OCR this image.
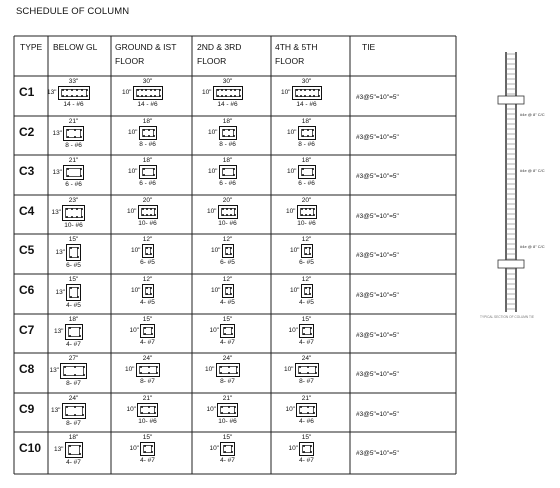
SCHEDULE OF COLUMN
TYPE BELOW GL GROUND & IST
FLOOR
2ND & 3RD
FLOOR
4TH & 5TH
FLOOR
TIE
C1
33"
13"
14 - #6
30"
10"
14 - #6
30"
10"
14 - #6
30"
10"
14 - #6
#3@5"=10"=5"
C2
21"
13"
8 - #6
18"
10"
8 - #6
18"
10"
8 - #6
18"
10"
8 - #6
#3@5"=10"=5"
C3
21"
13"
6 - #6
18"
10"
6 - #6
18"
10"
6 - #6
18"
10"
6 - #6
#3@5"=10"=5"
C4
23"
13"
10- #6
20"
10"
10- #6
20"
10"
10- #6
20"
10"
10- #6
#3@5"=10"=5"
C5
15"
13"
6- #5
12"
10"
6- #5
12"
10"
6- #5
12"
10"
6- #5
#3@5"=10"=5"
C6
15"
13"
4- #5
12"
10"
4- #5
12"
10"
4- #5
12"
10"
4- #5
#3@5"=10"=5"
C7
18"
13"
4- #7
15"
10"
4- #7
15"
10"
4- #7
15"
10"
4- #7
#3@5"=10"=5"
C8
27"
13"
8- #7
24"
10"
8- #7
24"
10"
8- #7
24"
10"
8- #7
#3@5"=10"=5"
C9
24"
13"
8- #7
21"
10"
10- #6
21"
10"
10- #6
21"
10"
4- #6
#3@5"=10"=5"
C10
18"
13"
4- #7
15"
10"
4- #7
15"
10"
4- #7
15"
10"
4- #7
#3@5"=10"=5"
#4e @ 8" C/C
#4e @ 8" C/C
#4e @ 8" C/C
TYPICAL SECTION OF COLUMN TIE
